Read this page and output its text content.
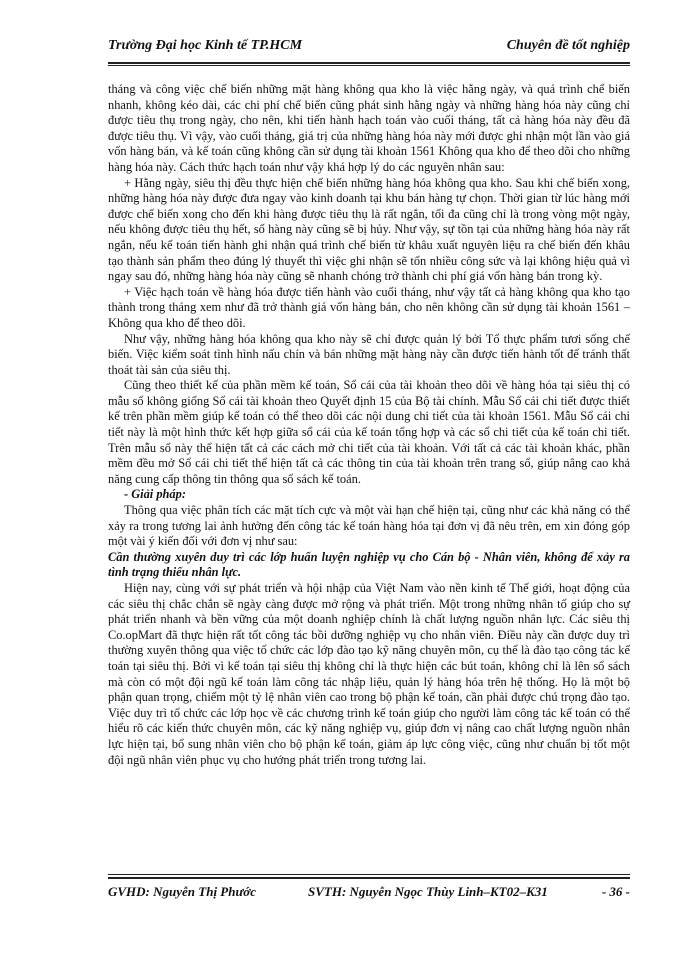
Trường Đại học Kinh tế TP.HCM	Chuyên đề tốt nghiệp

tháng và công việc chế biến những mặt hàng không qua kho là việc hằng ngày, và quá trình chế biến nhanh, không kéo dài, các chi phí chế biến cũng phát sinh hằng ngày và những hàng hóa này cũng chỉ được tiêu thụ trong ngày, cho nên, khi tiến hành hạch toán vào cuối tháng, tất cả hàng hóa này đều đã được tiêu thụ. Vì vậy, vào cuối tháng, giá trị của những hàng hóa này mới được ghi nhận một lần vào giá vốn hàng bán, và kế toán cũng không cần sử dụng tài khoản 1561 Không qua kho để theo dõi cho những hàng hóa này. Cách thức hạch toán như vậy khá hợp lý do các nguyên nhân sau:

+ Hằng ngày, siêu thị đều thực hiện chế biến những hàng hóa không qua kho. Sau khi chế biến xong, những hàng hóa này được đưa ngay vào kinh doanh tại khu bán hàng tự chọn. Thời gian từ lúc hàng mới được chế biến xong cho đến khi hàng được tiêu thụ là rất ngắn, tối đa cũng chỉ là trong vòng một ngày, nếu không được tiêu thụ hết, số hàng này cũng sẽ bị hủy. Như vậy, sự tồn tại của những hàng hóa này rất ngắn, nếu kế toán tiến hành ghi nhận quá trình chế biến từ khâu xuất nguyên liệu ra chế biến đến khâu tạo thành sản phẩm theo đúng lý thuyết thì việc ghi nhận sẽ tốn nhiều công sức và lại không hiệu quả vì ngay sau đó, những hàng hóa này cũng sẽ nhanh chóng trở thành chi phí giá vốn hàng bán trong kỳ.

+ Việc hạch toán về hàng hóa được tiến hành vào cuối tháng, như vậy tất cả hàng không qua kho tạo thành trong tháng xem như đã trở thành giá vốn hàng bán, cho nên không cần sử dụng tài khoản 1561 – Không qua kho để theo dõi.

Như vậy, những hàng hóa không qua kho này sẽ chỉ được quản lý bởi Tổ thực phẩm tươi sống chế biến. Việc kiểm soát tình hình nấu chín và bán những mặt hàng này cần được tiến hành tốt để tránh thất thoát tài sản của siêu thị.

Cũng theo thiết kế của phần mềm kế toán, Sổ cái của tài khoản theo dõi về hàng hóa tại siêu thị có mẫu sổ không giống Sổ cái tài khoản theo Quyết định 15 của Bộ tài chính. Mẫu Sổ cái chi tiết được thiết kế trên phần mềm giúp kế toán có thể theo dõi các nội dung chi tiết của tài khoản 1561. Mẫu Sổ cái chi tiết này là một hình thức kết hợp giữa sổ cái của kế toán tổng hợp và các sổ chi tiết của kế toán chi tiết. Trên mẫu sổ này thể hiện tất cả các cách mở chi tiết của tài khoản. Với tất cả các tài khoản khác, phần mềm đều mở Sổ cái chi tiết thể hiện tất cả các thông tin của tài khoản trên trang sổ, giúp nâng cao khả năng cung cấp thông tin thông qua sổ sách kế toán.

- Giải pháp:

Thông qua việc phân tích các mặt tích cực và một vài hạn chế hiện tại, cũng như các khả năng có thể xảy ra trong tương lai ảnh hưởng đến công tác kế toán hàng hóa tại đơn vị đã nêu trên, em xin đóng góp một vài ý kiến đối với đơn vị như sau:

Cần thường xuyên duy trì các lớp huấn luyện nghiệp vụ cho Cán bộ - Nhân viên, không để xảy ra tình trạng thiếu nhân lực.

Hiện nay, cùng với sự phát triển và hội nhập của Việt Nam vào nền kinh tế Thế giới, hoạt động của các siêu thị chắc chắn sẽ ngày càng được mở rộng và phát triển. Một trong những nhân tố giúp cho sự phát triển nhanh và bền vững của một doanh nghiệp chính là chất lượng nguồn nhân lực. Các siêu thị Co.opMart đã thực hiện rất tốt công tác bồi dưỡng nghiệp vụ cho nhân viên. Điều này cần được duy trì thường xuyên thông qua việc tổ chức các lớp đào tạo kỹ năng chuyên môn, cụ thể là đào tạo công tác kế toán tại siêu thị. Bởi vì kế toán tại siêu thị không chỉ là thực hiện các bút toán, không chỉ là lên sổ sách mà còn có một đội ngũ kế toán làm công tác nhập liệu, quản lý hàng hóa trên hệ thống. Họ là một bộ phận quan trọng, chiếm một tỷ lệ nhân viên cao trong bộ phận kế toán, cần phải được chú trọng đào tạo. Việc duy trì tổ chức các lớp học về các chương trình kế toán giúp cho người làm công tác kế toán có thể hiểu rõ các kiến thức chuyên môn, các kỹ năng nghiệp vụ, giúp đơn vị nâng cao chất lượng nguồn nhân lực hiện tại, bổ sung nhân viên cho bộ phận kế toán, giảm áp lực công việc, cũng như chuẩn bị tốt một đội ngũ nhân viên phục vụ cho hướng phát triển trong tương lai.

GVHD: Nguyễn Thị Phước	SVTH: Nguyễn Ngọc Thùy Linh–KT02–K31	- 36 -
